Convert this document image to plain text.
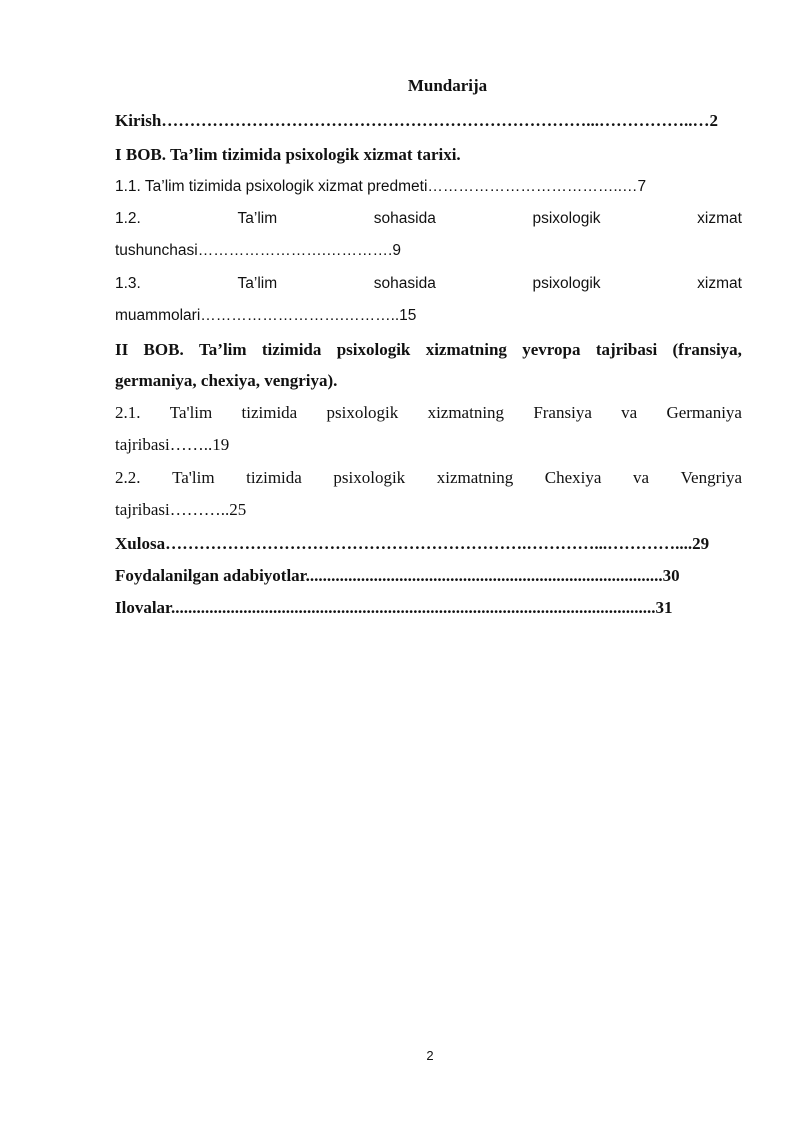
Mundarija
Kirish…………………………………………………………………...……………..…2
I BOB. Ta’lim tizimida psixologik xizmat tarixi.
1.1. Ta’lim tizimida psixologik xizmat predmeti………………………………..…7
1.2.	Ta’lim	sohasida	psixologik	xizmat
tushunchasi…………………….………….9
1.3.	Ta’lim	sohasida	psixologik	xizmat
muammolari……………………….………..15
II BOB. Ta’lim tizimida psixologik xizmatning yevropa tajribasi (fransiya,
germaniya, chexiya, vengriya).
2.1. Ta'lim tizimida psixologik xizmatning Fransiya va Germaniya
tajribasi……..19
2.2. Ta'lim tizimida psixologik xizmatning Chexiya va Vengriya
tajribasi………..25
Xulosa……………………………………………………….…………...…………....29
Foydalanilgan adabiyotlar....................................................................................30
Ilovalar..................................................................................................................31
2
